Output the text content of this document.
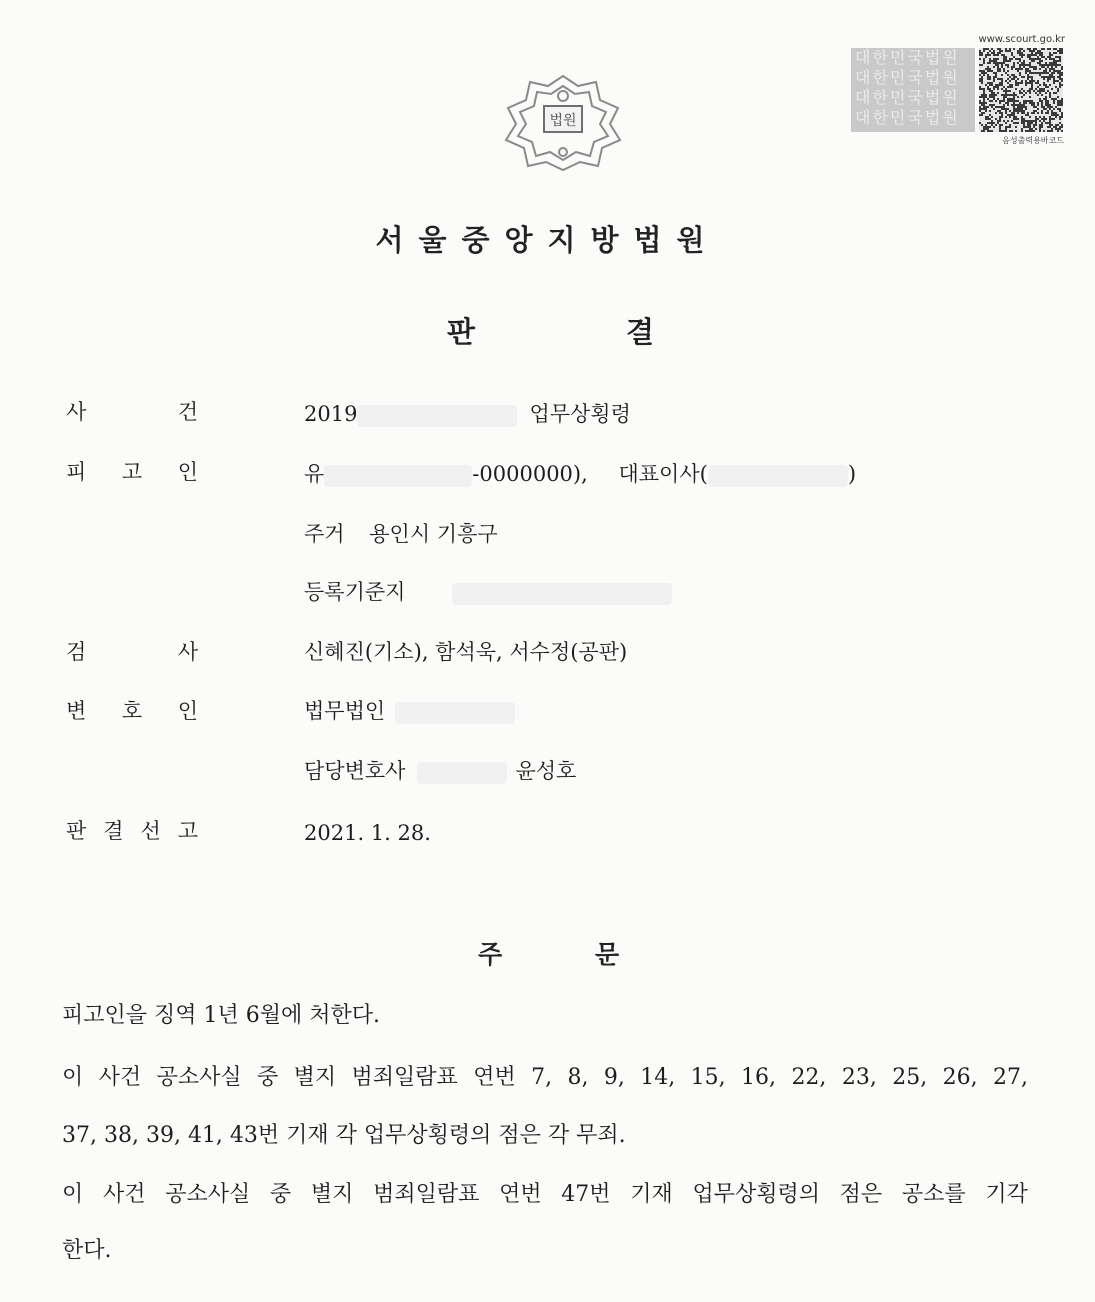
법원
www.scourt.go.kr
대한민국법원
대한민국법원
대한민국법원
대한민국법원
음성출력용바코드
서울중앙지방법원
판	결
사	건	2019	업무상횡령
피 고 인	유	-0000000), 대표이사(	)
주거 용인시 기흥구
등록기준지
검	사	신혜진(기소), 함석욱, 서수정(공판)
변 호 인	법무법인
담당변호사	윤성호
판 결 선 고	2021. 1. 28.
주	문
피고인을 징역 1년 6월에 처한다.
이 사건 공소사실 중 별지 범죄일람표 연번 7, 8, 9, 14, 15, 16, 22, 23, 25, 26, 27,
37, 38, 39, 41, 43번 기재 각 업무상횡령의 점은 각 무죄.
이 사건 공소사실 중 별지 범죄일람표 연번 47번 기재 업무상횡령의 점은 공소를 기각
한다.
